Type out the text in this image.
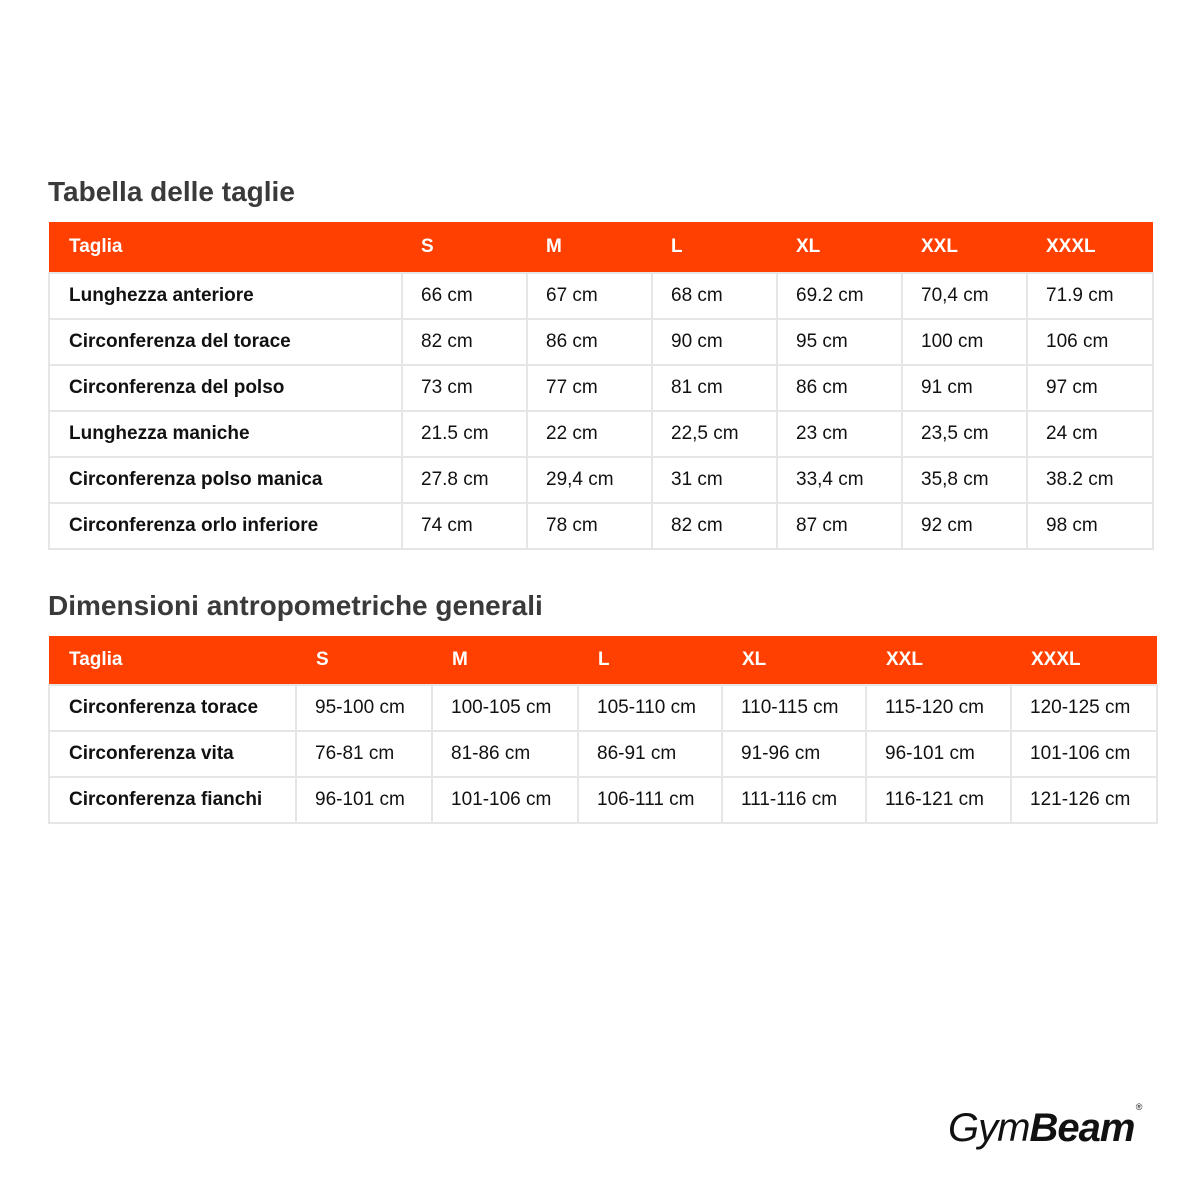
Tabella delle taglie
Taglia	S	M	L	XL	XXL	XXXL
Lunghezza anteriore	66 cm	67 cm	68 cm	69.2 cm	70,4 cm	71.9 cm
Circonferenza del torace	82 cm	86 cm	90 cm	95 cm	100 cm	106 cm
Circonferenza del polso	73 cm	77 cm	81 cm	86 cm	91 cm	97 cm
Lunghezza maniche	21.5 cm	22 cm	22,5 cm	23 cm	23,5 cm	24 cm
Circonferenza polso manica	27.8 cm	29,4 cm	31 cm	33,4 cm	35,8 cm	38.2 cm
Circonferenza orlo inferiore	74 cm	78 cm	82 cm	87 cm	92 cm	98 cm
Dimensioni antropometriche generali
Taglia	S	M	L	XL	XXL	XXXL
Circonferenza torace	95-100 cm	100-105 cm	105-110 cm	110-115 cm	115-120 cm	120-125 cm
Circonferenza vita	76-81 cm	81-86 cm	86-91 cm	91-96 cm	96-101 cm	101-106 cm
Circonferenza fianchi	96-101 cm	101-106 cm	106-111 cm	111-116 cm	116-121 cm	121-126 cm
GymBeam ®
